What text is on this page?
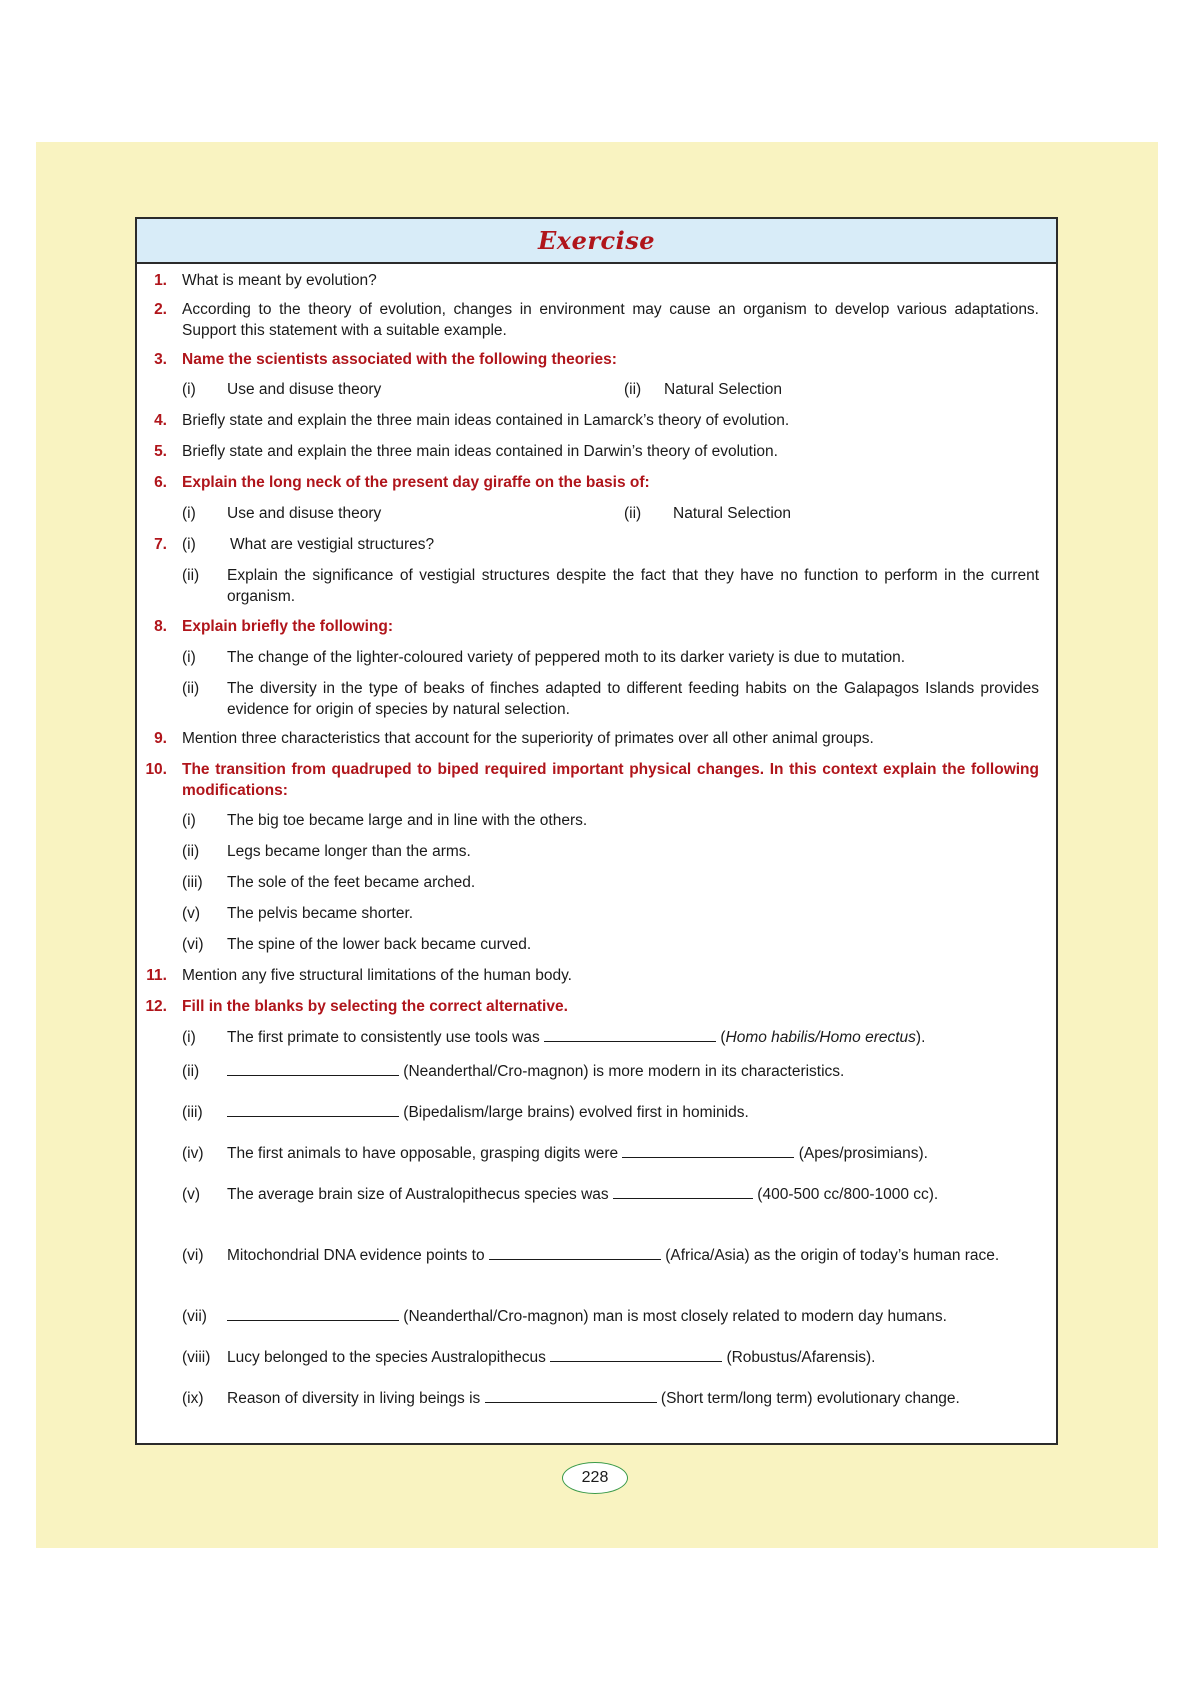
Exercise
1. What is meant by evolution?
2. According to the theory of evolution, changes in environment may cause an organism to develop various adaptations. Support this statement with a suitable example.
3. Name the scientists associated with the following theories:
(i) Use and disuse theory	(ii) Natural Selection
4. Briefly state and explain the three main ideas contained in Lamarck’s theory of evolution.
5. Briefly state and explain the three main ideas contained in Darwin’s theory of evolution.
6. Explain the long neck of the present day giraffe on the basis of:
(i) Use and disuse theory	(ii) Natural Selection
7. (i) What are vestigial structures?
(ii) Explain the significance of vestigial structures despite the fact that they have no function to perform in the current organism.
8. Explain briefly the following:
(i) The change of the lighter-coloured variety of peppered moth to its darker variety is due to mutation.
(ii) The diversity in the type of beaks of finches adapted to different feeding habits on the Galapagos Islands provides evidence for origin of species by natural selection.
9. Mention three characteristics that account for the superiority of primates over all other animal groups.
10. The transition from quadruped to biped required important physical changes. In this context explain the following modifications:
(i) The big toe became large and in line with the others.
(ii) Legs became longer than the arms.
(iii) The sole of the feet became arched.
(v) The pelvis became shorter.
(vi) The spine of the lower back became curved.
11. Mention any five structural limitations of the human body.
12. Fill in the blanks by selecting the correct alternative.
(i) The first primate to consistently use tools was	(Homo habilis/Homo erectus).
(ii)	(Neanderthal/Cro-magnon) is more modern in its characteristics.
(iii)	(Bipedalism/large brains) evolved first in hominids.
(iv) The first animals to have opposable, grasping digits were	(Apes/prosimians).
(v) The average brain size of Australopithecus species was	(400-500 cc/800-1000 cc).
(vi) Mitochondrial DNA evidence points to	(Africa/Asia) as the origin of today’s human race.
(vii)	(Neanderthal/Cro-magnon) man is most closely related to modern day humans.
(viii) Lucy belonged to the species Australopithecus	(Robustus/Afarensis).
(ix) Reason of diversity in living beings is	(Short term/long term) evolutionary change.
228
